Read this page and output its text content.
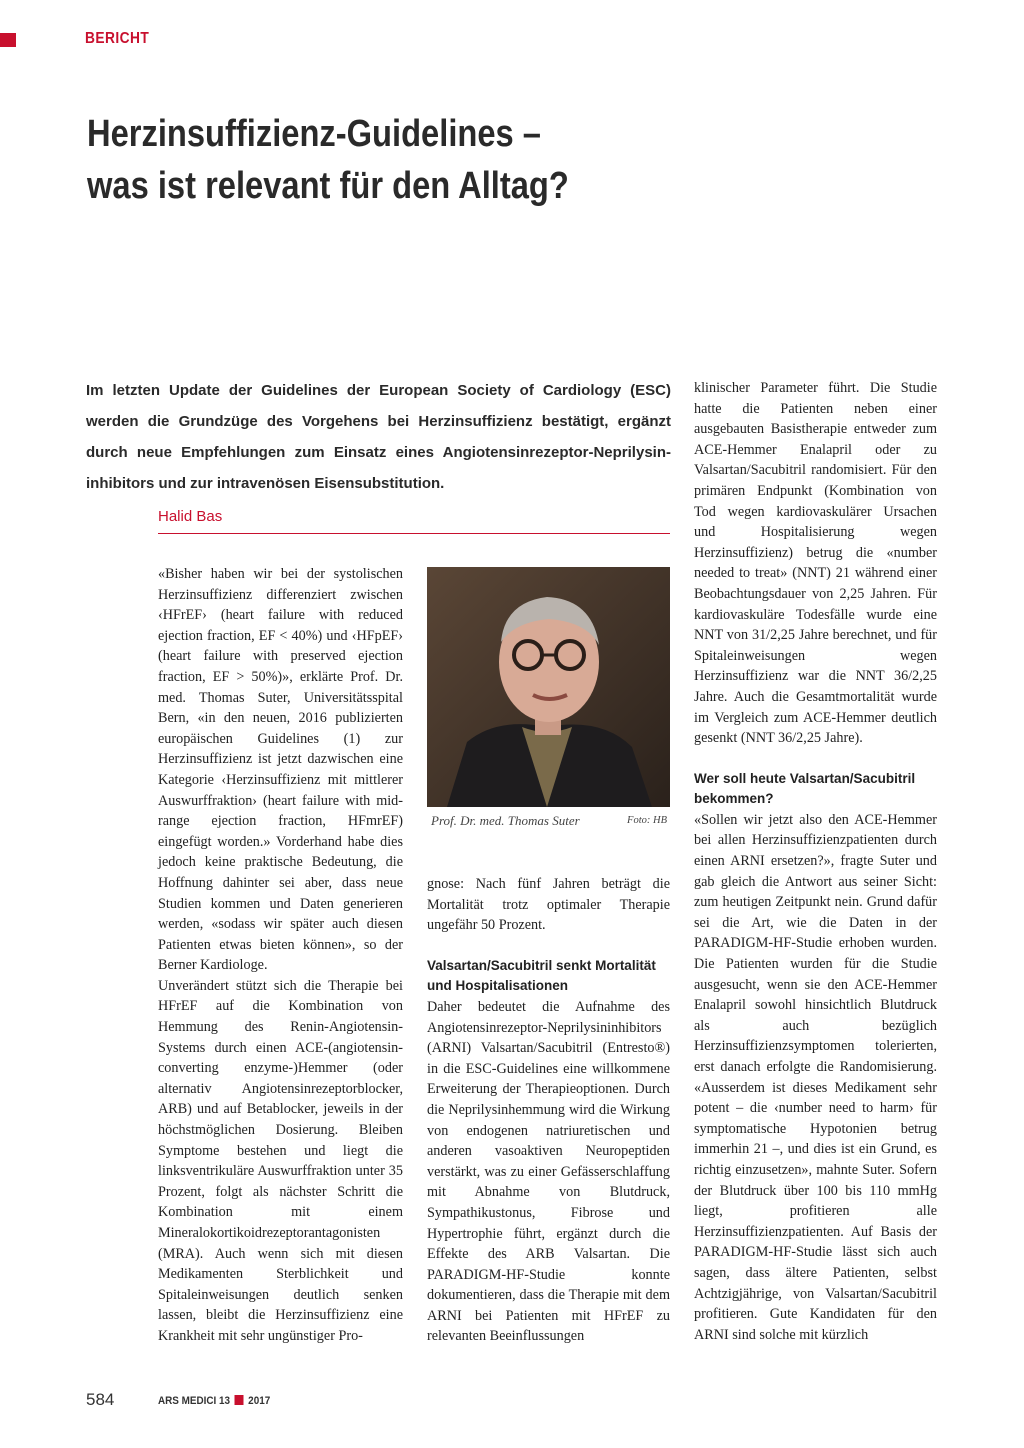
BERICHT
Herzinsuffizienz-Guidelines –
was ist relevant für den Alltag?
Im letzten Update der Guidelines der European Society of Cardiology (ESC) werden die Grundzüge des Vorgehens bei Herzinsuffizienz bestätigt, ergänzt durch neue Empfehlungen zum Einsatz eines Angiotensinrezeptor-Neprilysin-inhibitors und zur intravenösen Eisensubstitution.
Halid Bas

«Bisher haben wir bei der systolischen Herzinsuffizienz differenziert zwischen ‹HFrEF› (heart failure with reduced ejection fraction, EF < 40%) und ‹HFpEF› (heart failure with preserved ejection fraction, EF > 50%)», erklärte Prof. Dr. med. Thomas Suter, Universitätsspital Bern, «in den neuen, 2016 publizierten europäischen Guidelines (1) zur Herzinsuffizienz ist jetzt dazwischen eine Kategorie ‹Herzinsuffizienz mit mittlerer Auswurffraktion› (heart failure with mid-range ejection fraction, HFmrEF) eingefügt worden.» Vorderhand habe dies jedoch keine praktische Bedeutung, die Hoffnung dahinter sei aber, dass neue Studien kommen und Daten generieren werden, «sodass wir später auch diesen Patienten etwas bieten können», so der Berner Kardiologe.

Unverändert stützt sich die Therapie bei HFrEF auf die Kombination von Hemmung des Renin-Angiotensin-Systems durch einen ACE-(angiotensin-converting enzyme-)Hemmer (oder alternativ Angiotensinrezeptorblocker, ARB) und auf Betablocker, jeweils in der höchstmöglichen Dosierung. Bleiben Symptome bestehen und liegt die linksventrikuläre Auswurffraktion unter 35 Prozent, folgt als nächster Schritt die Kombination mit einem Mineralokortikoidrezeptorantagonisten (MRA). Auch wenn sich mit diesen Medikamenten Sterblichkeit und Spitaleinweisungen deutlich senken lassen, bleibt die Herzinsuffizienz eine Krankheit mit sehr ungünstiger Pro-

Prof. Dr. med. Thomas Suter	Foto: HB

gnose: Nach fünf Jahren beträgt die Mortalität trotz optimaler Therapie ungefähr 50 Prozent.

Valsartan/Sacubitril senkt Mortalität und Hospitalisationen

Daher bedeutet die Aufnahme des Angiotensinrezeptor-Neprilysininhibitors (ARNI) Valsartan/Sacubitril (Entresto®) in die ESC-Guidelines eine willkommene Erweiterung der Therapieoptionen. Durch die Neprilysinhemmung wird die Wirkung von endogenen natriuretischen und anderen vasoaktiven Neuropeptiden verstärkt, was zu einer Gefässerschlaffung mit Abnahme von Blutdruck, Sympathikustonus, Fibrose und Hypertrophie führt, ergänzt durch die Effekte des ARB Valsartan. Die PARADIGM-HF-Studie konnte dokumentieren, dass die Therapie mit dem ARNI bei Patienten mit HFrEF zu relevanten Beeinflussungen

klinischer Parameter führt. Die Studie hatte die Patienten neben einer ausgebauten Basistherapie entweder zum ACE-Hemmer Enalapril oder zu Valsartan/Sacubitril randomisiert. Für den primären Endpunkt (Kombination von Tod wegen kardiovaskulärer Ursachen und Hospitalisierung wegen Herzinsuffizienz) betrug die «number needed to treat» (NNT) 21 während einer Beobachtungsdauer von 2,25 Jahren. Für kardiovaskuläre Todesfälle wurde eine NNT von 31/2,25 Jahre berechnet, und für Spitaleinweisungen wegen Herzinsuffizienz war die NNT 36/2,25 Jahre. Auch die Gesamtmortalität wurde im Vergleich zum ACE-Hemmer deutlich gesenkt (NNT 36/2,25 Jahre).

Wer soll heute Valsartan/Sacubitril bekommen?

«Sollen wir jetzt also den ACE-Hemmer bei allen Herzinsuffizienzpatienten durch einen ARNI ersetzen?», fragte Suter und gab gleich die Antwort aus seiner Sicht: zum heutigen Zeitpunkt nein. Grund dafür sei die Art, wie die Daten in der PARADIGM-HF-Studie erhoben wurden. Die Patienten wurden für die Studie ausgesucht, wenn sie den ACE-Hemmer Enalapril sowohl hinsichtlich Blutdruck als auch bezüglich Herzinsuffizienzsymptomen tolerierten, erst danach erfolgte die Randomisierung. «Ausserdem ist dieses Medikament sehr potent – die ‹number need to harm› für symptomatische Hypotonien betrug immerhin 21 –, und dies ist ein Grund, es richtig einzusetzen», mahnte Suter. Sofern der Blutdruck über 100 bis 110 mmHg liegt, profitieren alle Herzinsuffizienzpatienten. Auf Basis der PARADIGM-HF-Studie lässt sich auch sagen, dass ältere Patienten, selbst Achtzigjährige, von Valsartan/Sacubitril profitieren. Gute Kandidaten für den ARNI sind solche mit kürzlich

584	ARS MEDICI 13 2017
